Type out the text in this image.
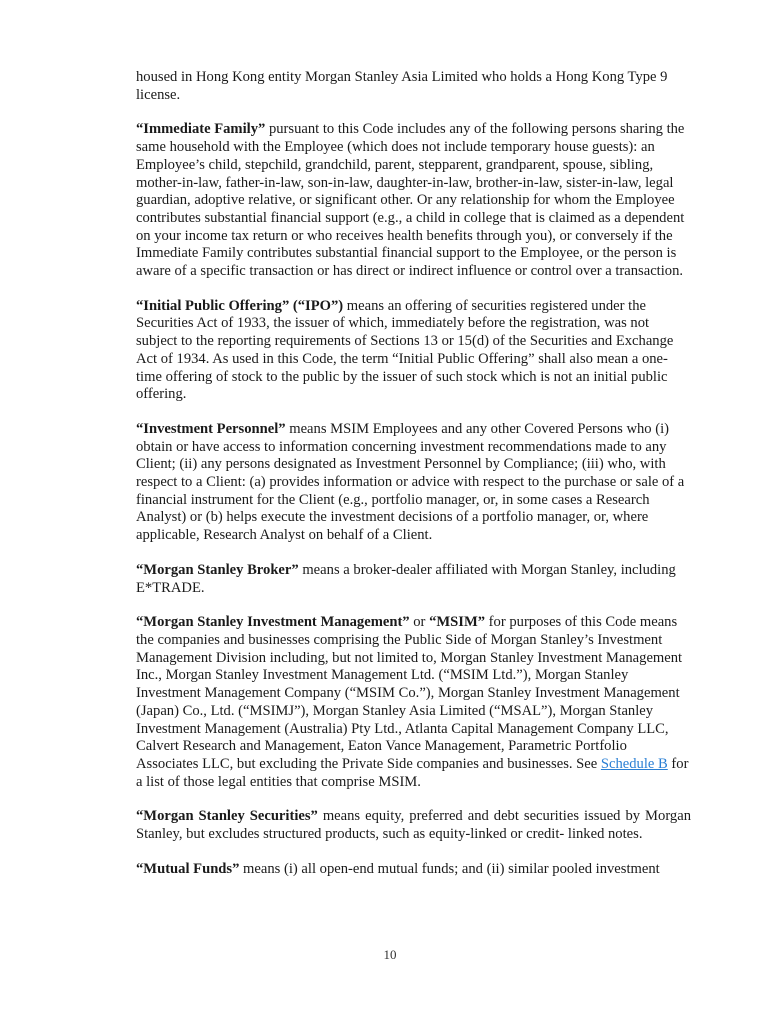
housed in Hong Kong entity Morgan Stanley Asia Limited who holds a Hong Kong Type 9 license.

“Immediate Family” pursuant to this Code includes any of the following persons sharing the same household with the Employee (which does not include temporary house guests): an Employee’s child, stepchild, grandchild, parent, stepparent, grandparent, spouse, sibling, mother-in-law, father-in-law, son-in-law, daughter-in-law, brother-in-law, sister-in-law, legal guardian, adoptive relative, or significant other. Or any relationship for whom the Employee contributes substantial financial support (e.g., a child in college that is claimed as a dependent on your income tax return or who receives health benefits through you), or conversely if the Immediate Family contributes substantial financial support to the Employee, or the person is aware of a specific transaction or has direct or indirect influence or control over a transaction.

“Initial Public Offering” (“IPO”) means an offering of securities registered under the Securities Act of 1933, the issuer of which, immediately before the registration, was not subject to the reporting requirements of Sections 13 or 15(d) of the Securities and Exchange Act of 1934. As used in this Code, the term “Initial Public Offering” shall also mean a one-time offering of stock to the public by the issuer of such stock which is not an initial public offering.

“Investment Personnel” means MSIM Employees and any other Covered Persons who (i) obtain or have access to information concerning investment recommendations made to any Client; (ii) any persons designated as Investment Personnel by Compliance; (iii) who, with respect to a Client: (a) provides information or advice with respect to the purchase or sale of a financial instrument for the Client (e.g., portfolio manager, or, in some cases a Research Analyst) or (b) helps execute the investment decisions of a portfolio manager, or, where applicable, Research Analyst on behalf of a Client.

“Morgan Stanley Broker” means a broker-dealer affiliated with Morgan Stanley, including E*TRADE.

“Morgan Stanley Investment Management” or “MSIM” for purposes of this Code means the companies and businesses comprising the Public Side of Morgan Stanley’s Investment Management Division including, but not limited to, Morgan Stanley Investment Management Inc., Morgan Stanley Investment Management Ltd. (“MSIM Ltd.”), Morgan Stanley Investment Management Company (“MSIM Co.”), Morgan Stanley Investment Management (Japan) Co., Ltd. (“MSIMJ”), Morgan Stanley Asia Limited (“MSAL”), Morgan Stanley Investment Management (Australia) Pty Ltd., Atlanta Capital Management Company LLC, Calvert Research and Management, Eaton Vance Management, Parametric Portfolio Associates LLC, but excluding the Private Side companies and businesses. See Schedule B for a list of those legal entities that comprise MSIM.

“Morgan Stanley Securities” means equity, preferred and debt securities issued by Morgan Stanley, but excludes structured products, such as equity-linked or credit- linked notes.

“Mutual Funds” means (i) all open-end mutual funds; and (ii) similar pooled investment

10
